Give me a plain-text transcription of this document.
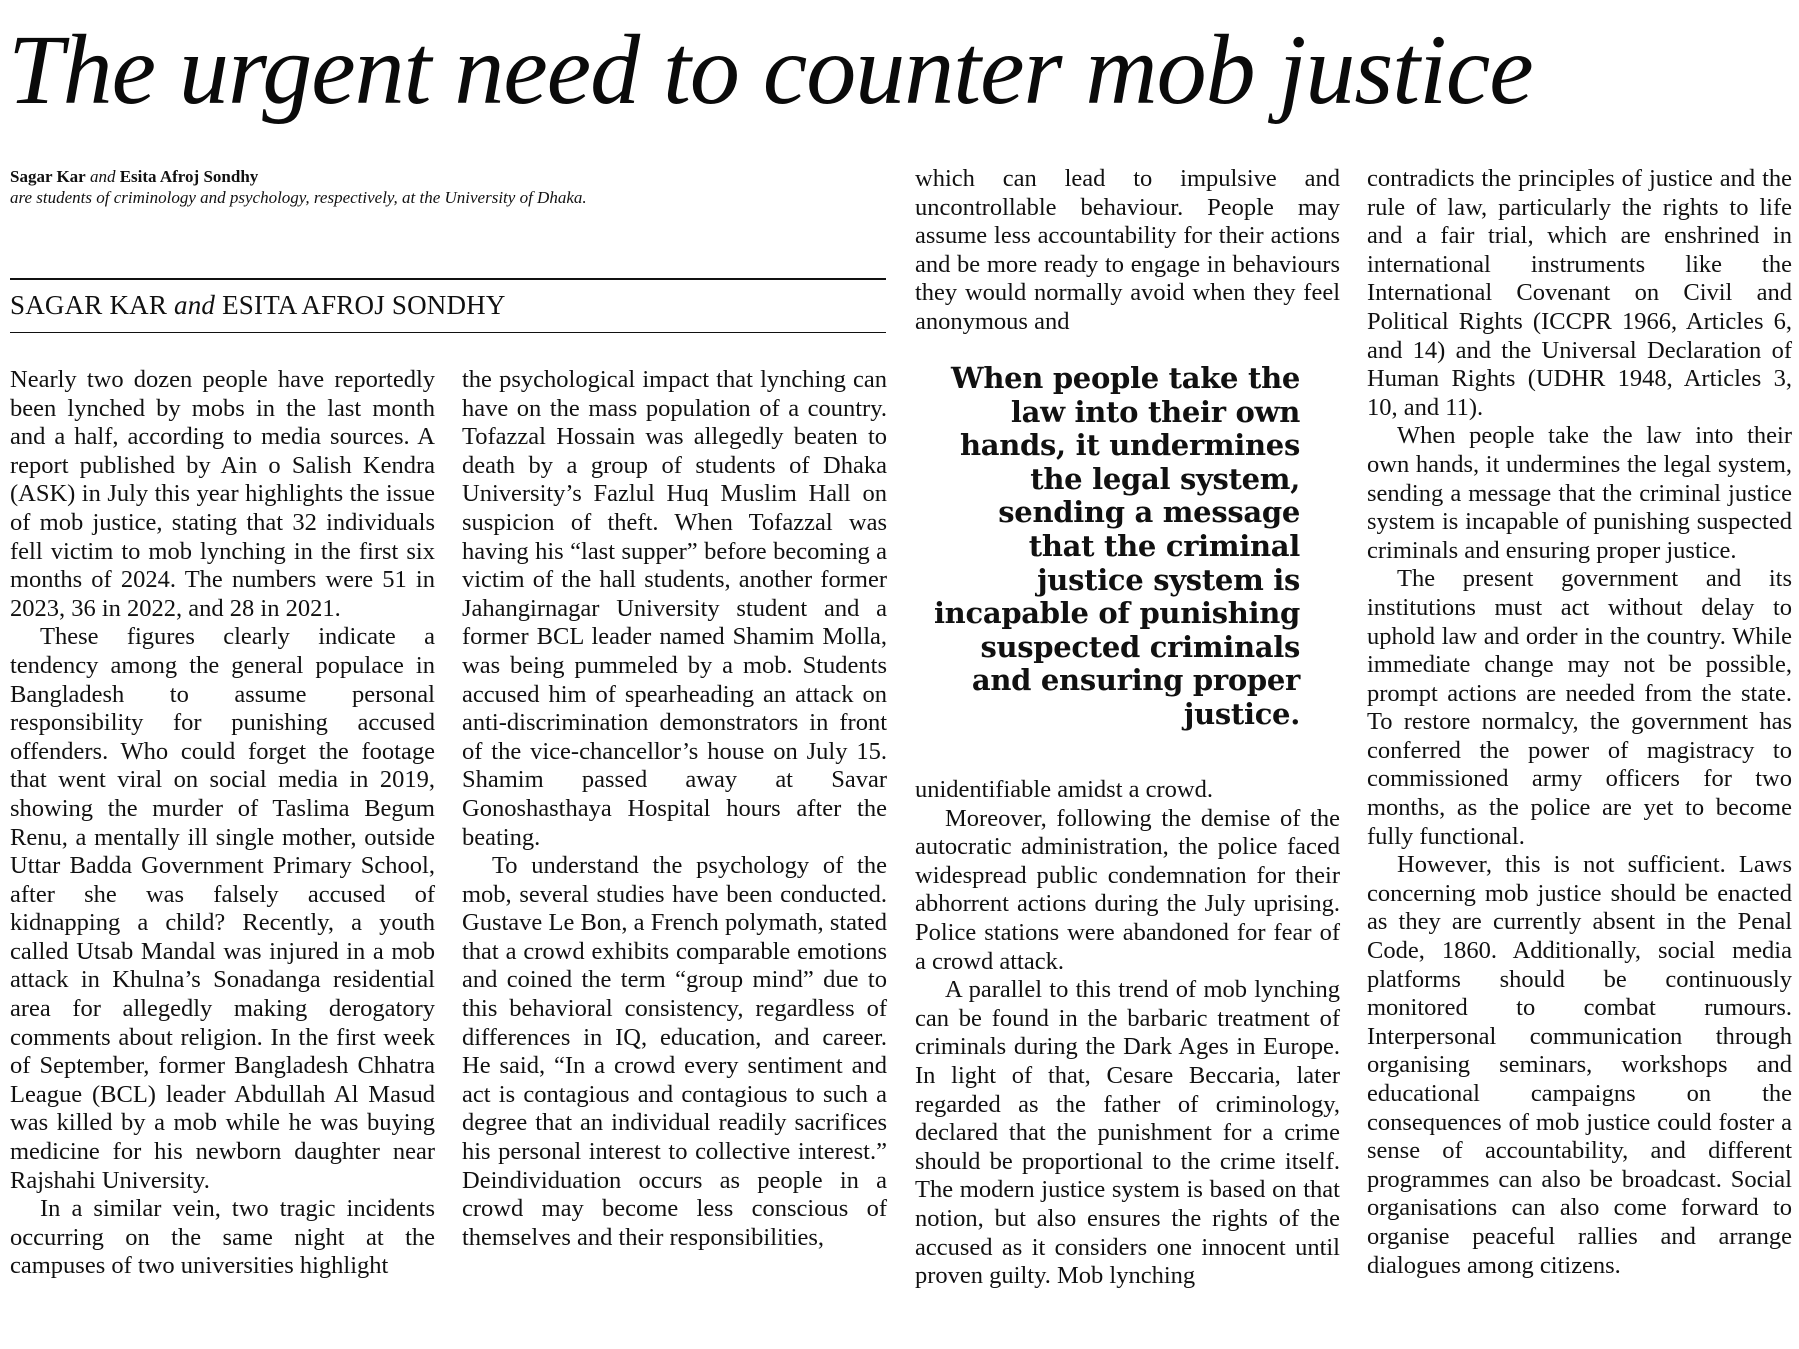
The urgent need to counter mob justice
Sagar Kar and Esita Afroj Sondhy
are students of criminology and psychology, respectively, at the University of Dhaka.
SAGAR KAR and ESITA AFROJ SONDHY

Nearly two dozen people have reportedly been lynched by mobs in the last month and a half, according to media sources. A report published by Ain o Salish Kendra (ASK) in July this year highlights the issue of mob justice, stating that 32 individuals fell victim to mob lynching in the first six months of 2024. The numbers were 51 in 2023, 36 in 2022, and 28 in 2021.

These figures clearly indicate a tendency among the general populace in Bangladesh to assume personal responsibility for punishing accused offenders. Who could forget the footage that went viral on social media in 2019, showing the murder of Taslima Begum Renu, a mentally ill single mother, outside Uttar Badda Government Primary School, after she was falsely accused of kidnapping a child? Recently, a youth called Utsab Mandal was injured in a mob attack in Khulna’s Sonadanga residential area for allegedly making derogatory comments about religion. In the first week of September, former Bangladesh Chhatra League (BCL) leader Abdullah Al Masud was killed by a mob while he was buying medicine for his newborn daughter near Rajshahi University.

In a similar vein, two tragic incidents occurring on the same night at the campuses of two universities highlight

the psychological impact that lynching can have on the mass population of a country. Tofazzal Hossain was allegedly beaten to death by a group of students of Dhaka University’s Fazlul Huq Muslim Hall on suspicion of theft. When Tofazzal was having his “last supper” before becoming a victim of the hall students, another former Jahangirnagar University student and a former BCL leader named Shamim Molla, was being pummeled by a mob. Students accused him of spearheading an attack on anti-discrimination demonstrators in front of the vice-chancellor’s house on July 15. Shamim passed away at Savar Gonoshasthaya Hospital hours after the beating.

To understand the psychology of the mob, several studies have been conducted. Gustave Le Bon, a French polymath, stated that a crowd exhibits comparable emotions and coined the term “group mind” due to this behavioral consistency, regardless of differences in IQ, education, and career. He said, “In a crowd every sentiment and act is contagious and contagious to such a degree that an individual readily sacrifices his personal interest to collective interest.” Deindividuation occurs as people in a crowd may become less conscious of themselves and their responsibilities,

which can lead to impulsive and uncontrollable behaviour. People may assume less accountability for their actions and be more ready to engage in behaviours they would normally avoid when they feel anonymous and

When people take the law into their own hands, it undermines the legal system, sending a message that the criminal justice system is incapable of punishing suspected criminals and ensuring proper justice.

unidentifiable amidst a crowd.

Moreover, following the demise of the autocratic administration, the police faced widespread public condemnation for their abhorrent actions during the July uprising. Police stations were abandoned for fear of a crowd attack.

A parallel to this trend of mob lynching can be found in the barbaric treatment of criminals during the Dark Ages in Europe. In light of that, Cesare Beccaria, later regarded as the father of criminology, declared that the punishment for a crime should be proportional to the crime itself. The modern justice system is based on that notion, but also ensures the rights of the accused as it considers one innocent until proven guilty. Mob lynching

contradicts the principles of justice and the rule of law, particularly the rights to life and a fair trial, which are enshrined in international instruments like the International Covenant on Civil and Political Rights (ICCPR 1966, Articles 6, and 14) and the Universal Declaration of Human Rights (UDHR 1948, Articles 3, 10, and 11).

When people take the law into their own hands, it undermines the legal system, sending a message that the criminal justice system is incapable of punishing suspected criminals and ensuring proper justice.

The present government and its institutions must act without delay to uphold law and order in the country. While immediate change may not be possible, prompt actions are needed from the state. To restore normalcy, the government has conferred the power of magistracy to commissioned army officers for two months, as the police are yet to become fully functional.

However, this is not sufficient. Laws concerning mob justice should be enacted as they are currently absent in the Penal Code, 1860. Additionally, social media platforms should be continuously monitored to combat rumours. Interpersonal communication through organising seminars, workshops and educational campaigns on the consequences of mob justice could foster a sense of accountability, and different programmes can also be broadcast. Social organisations can also come forward to organise peaceful rallies and arrange dialogues among citizens.
